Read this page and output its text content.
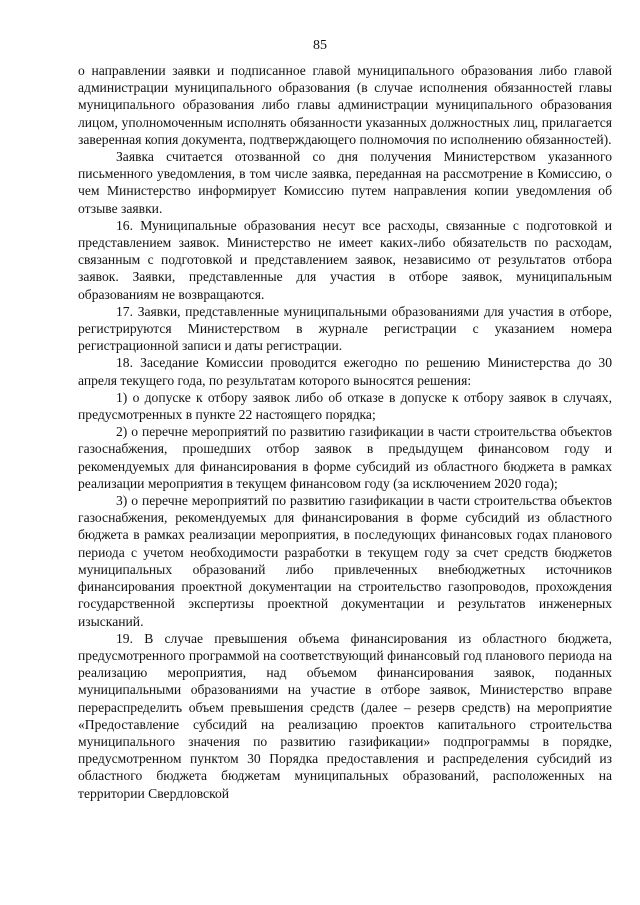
85

о направлении заявки и подписанное главой муниципального образования либо главой администрации муниципального образования (в случае исполнения обязанностей главы муниципального образования либо главы администрации муниципального образования лицом, уполномоченным исполнять обязанности указанных должностных лиц, прилагается заверенная копия документа, подтверждающего полномочия по исполнению обязанностей).

Заявка считается отозванной со дня получения Министерством указанного письменного уведомления, в том числе заявка, переданная на рассмотрение в Комиссию, о чем Министерство информирует Комиссию путем направления копии уведомления об отзыве заявки.

16. Муниципальные образования несут все расходы, связанные с подготовкой и представлением заявок. Министерство не имеет каких-либо обязательств по расходам, связанным с подготовкой и представлением заявок, независимо от результатов отбора заявок. Заявки, представленные для участия в отборе заявок, муниципальным образованиям не возвращаются.

17. Заявки, представленные муниципальными образованиями для участия в отборе, регистрируются Министерством в журнале регистрации с указанием номера регистрационной записи и даты регистрации.

18. Заседание Комиссии проводится ежегодно по решению Министерства до 30 апреля текущего года, по результатам которого выносятся решения:

1) о допуске к отбору заявок либо об отказе в допуске к отбору заявок в случаях, предусмотренных в пункте 22 настоящего порядка;

2) о перечне мероприятий по развитию газификации в части строительства объектов газоснабжения, прошедших отбор заявок в предыдущем финансовом году и рекомендуемых для финансирования в форме субсидий из областного бюджета в рамках реализации мероприятия в текущем финансовом году (за исключением 2020 года);

3) о перечне мероприятий по развитию газификации в части строительства объектов газоснабжения, рекомендуемых для финансирования в форме субсидий из областного бюджета в рамках реализации мероприятия, в последующих финансовых годах планового периода с учетом необходимости разработки в текущем году за счет средств бюджетов муниципальных образований либо привлеченных внебюджетных источников финансирования проектной документации на строительство газопроводов, прохождения государственной экспертизы проектной документации и результатов инженерных изысканий.

19. В случае превышения объема финансирования из областного бюджета, предусмотренного программой на соответствующий финансовый год планового периода на реализацию мероприятия, над объемом финансирования заявок, поданных муниципальными образованиями на участие в отборе заявок, Министерство вправе перераспределить объем превышения средств (далее – резерв средств) на мероприятие «Предоставление субсидий на реализацию проектов капитального строительства муниципального значения по развитию газификации» подпрограммы в порядке, предусмотренном пунктом 30 Порядка предоставления и распределения субсидий из областного бюджета бюджетам муниципальных образований, расположенных на территории Свердловской
